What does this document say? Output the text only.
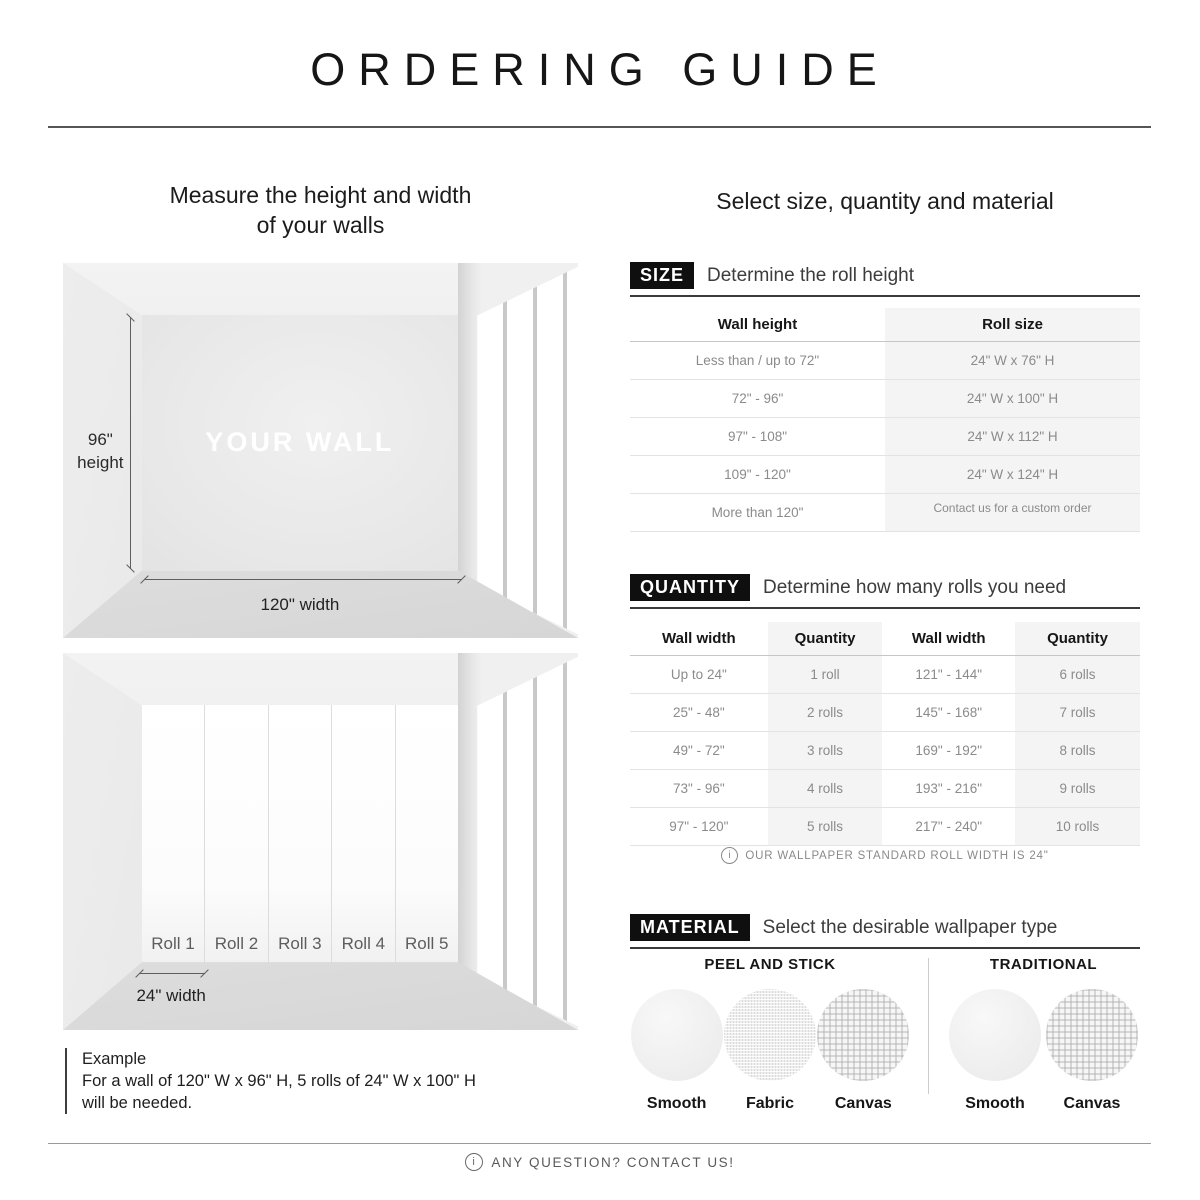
ORDERING GUIDE
Measure the height and width
of your walls
YOUR WALL
96"
height
120" width
Roll 1 Roll 2 Roll 3 Roll 4 Roll 5
24" width
Example
For a wall of 120" W x 96" H, 5 rolls of 24" W x 100" H
will be needed.
Select size, quantity and material
SIZE	Determine the roll height
Wall height	Roll size
Less than / up to 72"	24" W x 76" H
72" - 96"	24" W x 100" H
97" - 108"	24" W x 112" H
109" - 120"	24" W x 124" H
More than 120"	Contact us for a custom order
QUANTITY	Determine how many rolls you need
Wall width	Quantity	Wall width	Quantity
Up to 24"	1 roll	121" - 144"	6 rolls
25" - 48"	2 rolls	145" - 168"	7 rolls
49" - 72"	3 rolls	169" - 192"	8 rolls
73" - 96"	4 rolls	193" - 216"	9 rolls
97" - 120"	5 rolls	217" - 240"	10 rolls
i
OUR WALLPAPER STANDARD ROLL WIDTH IS 24"
MATERIAL	Select the desirable wallpaper type
PEEL AND STICK
Smooth Fabric	Canvas
TRADITIONAL
Smooth Canvas
i
ANY QUESTION? CONTACT US!
